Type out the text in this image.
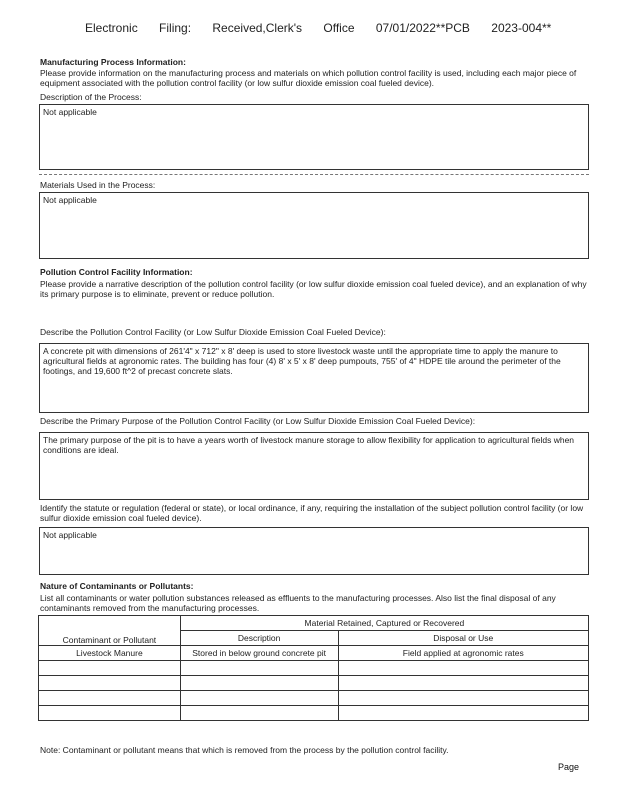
Electronic Filing: Received,Clerk's Office 07/01/2022**PCB 2023-004**
Manufacturing Process Information:
Please provide information on the manufacturing process and materials on which pollution control facility is used, including each major piece of equipment associated with the pollution control facility (or low sulfur dioxide emission coal fueled device).
Description of the Process:
Not applicable
Materials Used in the Process:
Not applicable
Pollution Control Facility Information:
Please provide a narrative description of the pollution control facility (or low sulfur dioxide emission coal fueled device), and an explanation of why its primary purpose is to eliminate, prevent or reduce pollution.
Describe the Pollution Control Facility (or Low Sulfur Dioxide Emission Coal Fueled Device):
A concrete pit with dimensions of 261'4" x 712" x 8' deep is used to store livestock waste until the appropriate time to apply the manure to agricultural fields at agronomic rates. The building has four (4) 8' x 5' x 8' deep pumpouts, 755' of 4" HDPE tile around the perimeter of the footings, and 19,600 ft^2 of precast concrete slats.
Describe the Primary Purpose of the Pollution Control Facility (or Low Sulfur Dioxide Emission Coal Fueled Device):
The primary purpose of the pit is to have a years worth of livestock manure storage to allow flexibility for application to agricultural fields when conditions are ideal.
Identify the statute or regulation (federal or state), or local ordinance, if any, requiring the installation of the subject pollution control facility (or low sulfur dioxide emission coal fueled device).
Not applicable
Nature of Contaminants or Pollutants:
List all contaminants or water pollution substances released as effluents to the manufacturing processes. Also list the final disposal of any contaminants removed from the manufacturing processes.
Contaminant or Pollutant	Material Retained, Captured or Recovered	
	Description	Disposal or Use
Livestock Manure	Stored in below ground concrete pit	Field applied at agronomic rates

Note: Contaminant or pollutant means that which is removed from the process by the pollution control facility.
Page
